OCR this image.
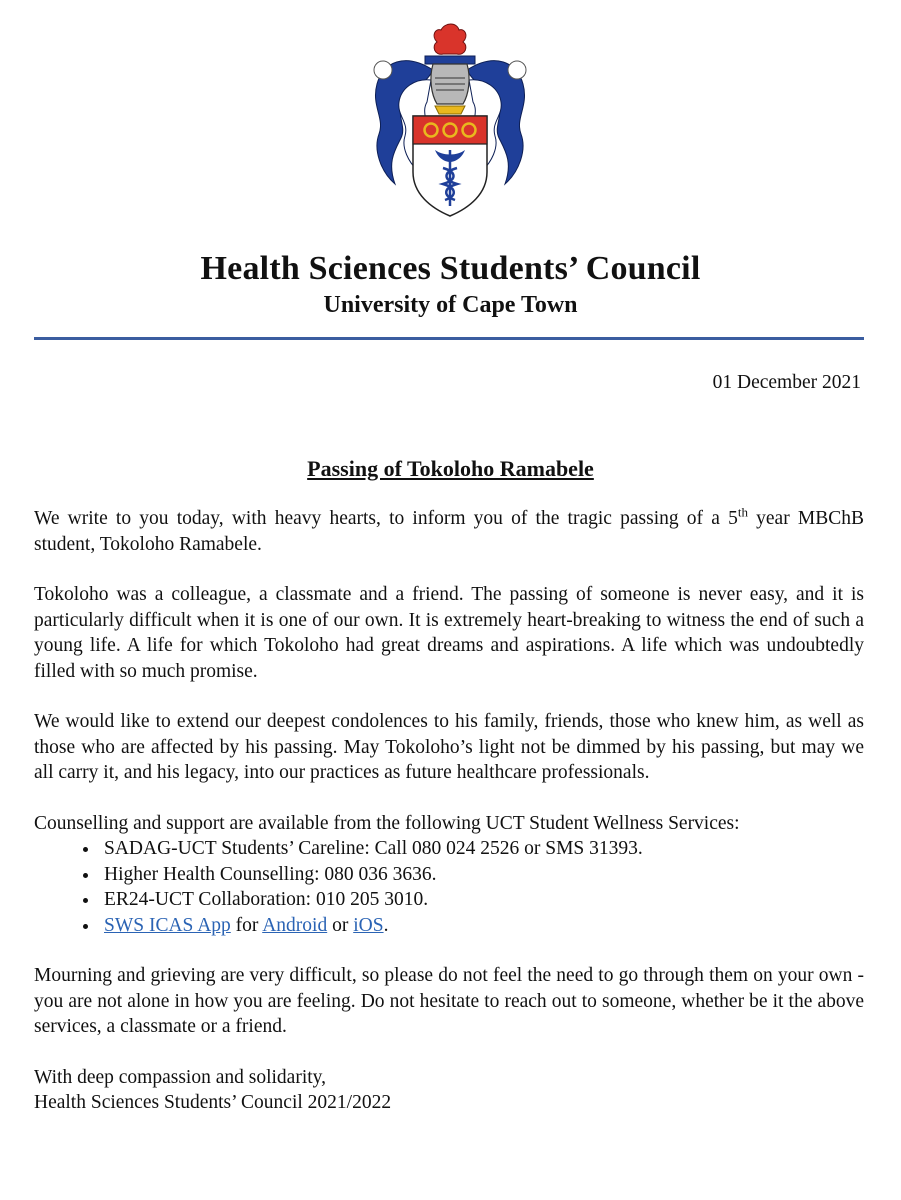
Health Sciences Students’ Council
University of Cape Town
01 December 2021
Passing of Tokoloho Ramabele

We write to you today, with heavy hearts, to inform you of the tragic passing of a 5th year MBChB student, Tokoloho Ramabele.

Tokoloho was a colleague, a classmate and a friend. The passing of someone is never easy, and it is particularly difficult when it is one of our own. It is extremely heart-breaking to witness the end of such a young life. A life for which Tokoloho had great dreams and aspirations. A life which was undoubtedly filled with so much promise.

We would like to extend our deepest condolences to his family, friends, those who knew him, as well as those who are affected by his passing. May Tokoloho’s light not be dimmed by his passing, but may we all carry it, and his legacy, into our practices as future healthcare professionals.

Counselling and support are available from the following UCT Student Wellness Services:
• SADAG-UCT Students’ Careline: Call 080 024 2526 or SMS 31393.
• Higher Health Counselling: 080 036 3636.
• ER24-UCT Collaboration: 010 205 3010.
• SWS ICAS App for Android or iOS.

Mourning and grieving are very difficult, so please do not feel the need to go through them on your own - you are not alone in how you are feeling. Do not hesitate to reach out to someone, whether be it the above services, a classmate or a friend.

With deep compassion and solidarity,
Health Sciences Students’ Council 2021/2022
